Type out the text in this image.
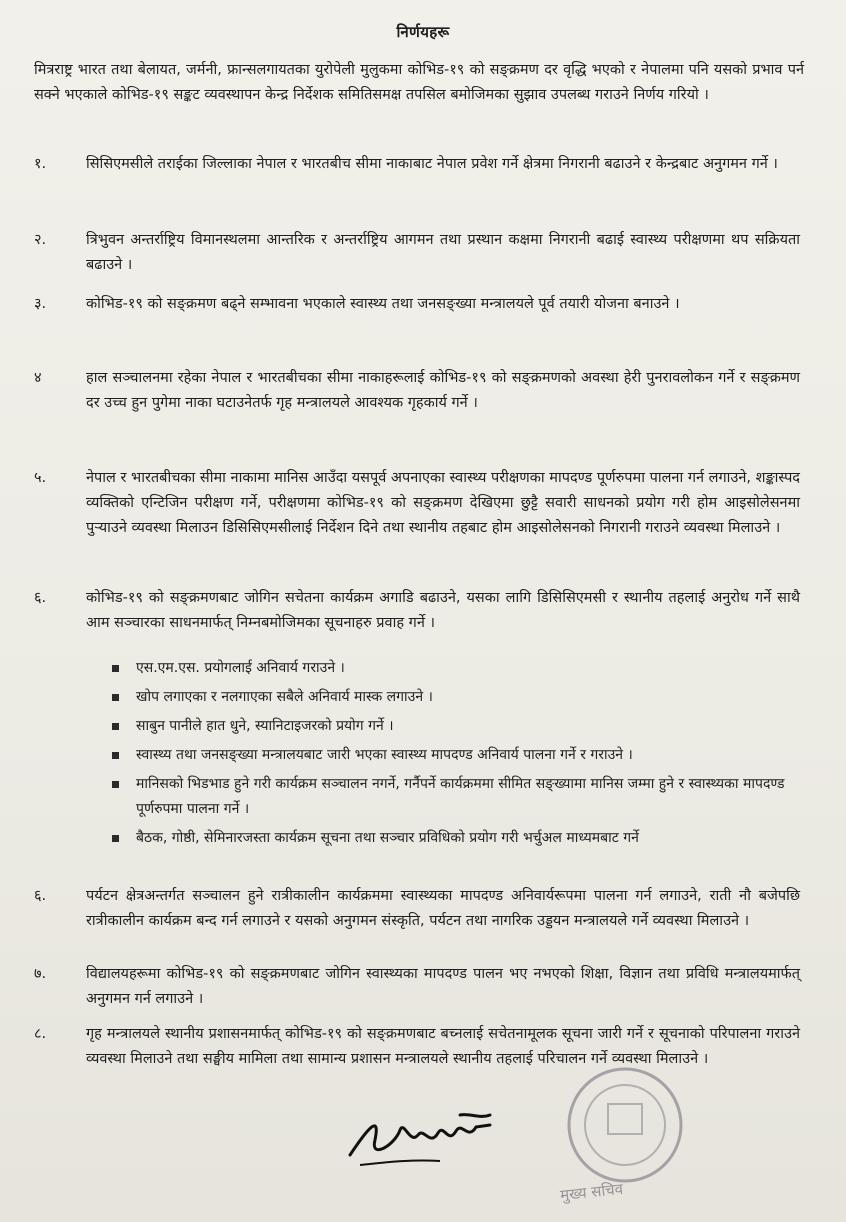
निर्णयहरू
मित्रराष्ट्र भारत तथा बेलायत, जर्मनी, फ्रान्सलगायतका युरोपेली मुलुकमा कोभिड-१९ को सङ्क्रमण दर वृद्धि भएको र नेपालमा पनि यसको प्रभाव पर्न सक्ने भएकाले कोभिड-१९ सङ्कट व्यवस्थापन केन्द्र निर्देशक समितिसमक्ष तपसिल बमोजिमका सुझाव उपलब्ध गराउने निर्णय गरियो ।
१.	सिसिएमसीले तराईका जिल्लाका नेपाल र भारतबीच सीमा नाकाबाट नेपाल प्रवेश गर्ने क्षेत्रमा निगरानी बढाउने र केन्द्रबाट अनुगमन गर्ने ।
२.	त्रिभुवन अन्तर्राष्ट्रिय विमानस्थलमा आन्तरिक र अन्तर्राष्ट्रिय आगमन तथा प्रस्थान कक्षमा निगरानी बढाई स्वास्थ्य परीक्षणमा थप सक्रियता बढाउने ।
३.	कोभिड-१९ को सङ्क्रमण बढ्ने सम्भावना भएकाले स्वास्थ्य तथा जनसङ्ख्या मन्त्रालयले पूर्व तयारी योजना बनाउने ।
४	हाल सञ्चालनमा रहेका नेपाल र भारतबीचका सीमा नाकाहरूलाई कोभिड-१९ को सङ्क्रमणको अवस्था हेरी पुनरावलोकन गर्ने र सङ्क्रमण दर उच्च हुन पुगेमा नाका घटाउनेतर्फ गृह मन्त्रालयले आवश्यक गृहकार्य गर्ने ।
५.	नेपाल र भारतबीचका सीमा नाकामा मानिस आउँदा यसपूर्व अपनाएका स्वास्थ्य परीक्षणका मापदण्ड पूर्णरुपमा पालना गर्न लगाउने, शङ्कास्पद व्यक्तिको एन्टिजिन परीक्षण गर्ने, परीक्षणमा कोभिड-१९ को सङ्क्रमण देखिएमा छुट्टै सवारी साधनको प्रयोग गरी होम आइसोलेसनमा पुऱ्याउने व्यवस्था मिलाउन डिसिसिएमसीलाई निर्देशन दिने तथा स्थानीय तहबाट होम आइसोलेसनको निगरानी गराउने व्यवस्था मिलाउने ।
६.	कोभिड-१९ को सङ्क्रमणबाट जोगिन सचेतना कार्यक्रम अगाडि बढाउने, यसका लागि डिसिसिएमसी र स्थानीय तहलाई अनुरोध गर्ने साथै आम सञ्चारका साधनमार्फत् निम्नबमोजिमका सूचनाहरु प्रवाह गर्ने ।
एस.एम.एस. प्रयोगलाई अनिवार्य गराउने ।
खोप लगाएका र नलगाएका सबैले अनिवार्य मास्क लगाउने ।
साबुन पानीले हात धुने, स्यानिटाइजरको प्रयोग गर्ने ।
स्वास्थ्य तथा जनसङ्ख्या मन्त्रालयबाट जारी भएका स्वास्थ्य मापदण्ड अनिवार्य पालना गर्ने र गराउने ।
मानिसको भिडभाड हुने गरी कार्यक्रम सञ्चालन नगर्ने, गर्नैपर्ने कार्यक्रममा सीमित सङ्ख्यामा मानिस जम्मा हुने र स्वास्थ्यका मापदण्ड पूर्णरुपमा पालना गर्ने ।
बैठक, गोष्ठी, सेमिनारजस्ता कार्यक्रम सूचना तथा सञ्चार प्रविधिको प्रयोग गरी भर्चुअल माध्यमबाट गर्ने
६.	पर्यटन क्षेत्रअन्तर्गत सञ्चालन हुने रात्रीकालीन कार्यक्रममा स्वास्थ्यका मापदण्ड अनिवार्यरूपमा पालना गर्न लगाउने, राती नौ बजेपछि रात्रीकालीन कार्यक्रम बन्द गर्न लगाउने र यसको अनुगमन संस्कृति, पर्यटन तथा नागरिक उड्डयन मन्त्रालयले गर्ने व्यवस्था मिलाउने ।
७.	विद्यालयहरूमा कोभिड-१९ को सङ्क्रमणबाट जोगिन स्वास्थ्यका मापदण्ड पालन भए नभएको शिक्षा, विज्ञान तथा प्रविधि मन्त्रालयमार्फत् अनुगमन गर्न लगाउने ।
८.	गृह मन्त्रालयले स्थानीय प्रशासनमार्फत् कोभिड-१९ को सङ्क्रमणबाट बच्नलाई सचेतनामूलक सूचना जारी गर्ने र सूचनाको परिपालना गराउने व्यवस्था मिलाउने तथा सङ्घीय मामिला तथा सामान्य प्रशासन मन्त्रालयले स्थानीय तहलाई परिचालन गर्ने व्यवस्था मिलाउने ।
मुख्य सचिव
